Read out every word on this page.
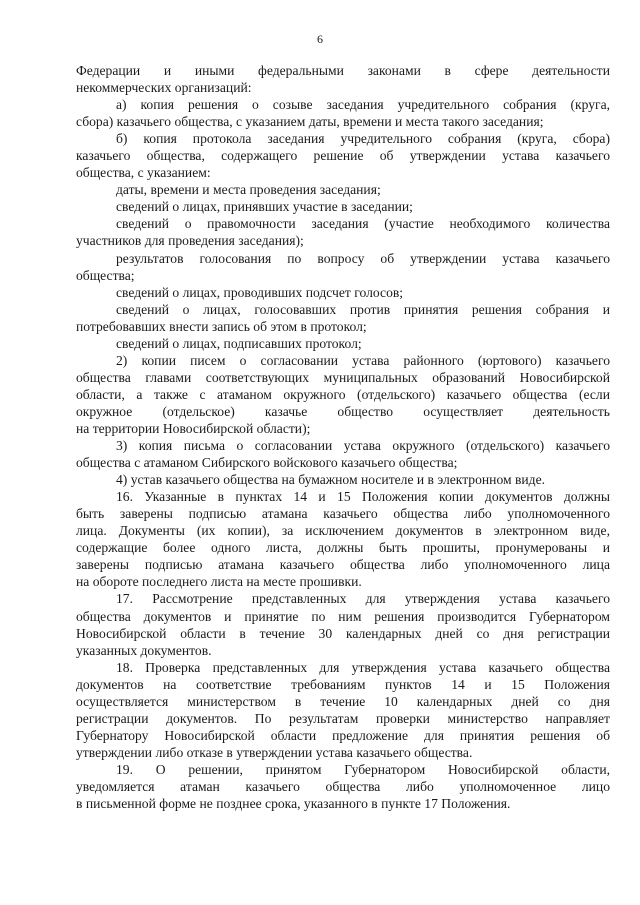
6
Федерации и иными федеральными законами в сфере деятельности
некоммерческих организаций:
а) копия решения о созыве заседания учредительного собрания (круга,
сбора) казачьего общества, с указанием даты, времени и места такого заседания;
б) копия протокола заседания учредительного собрания (круга, сбора)
казачьего общества, содержащего решение об утверждении устава казачьего
общества, с указанием:
даты, времени и места проведения заседания;
сведений о лицах, принявших участие в заседании;
сведений о правомочности заседания (участие необходимого количества
участников для проведения заседания);
результатов голосования по вопросу об утверждении устава казачьего
общества;
сведений о лицах, проводивших подсчет голосов;
сведений о лицах, голосовавших против принятия решения собрания и
потребовавших внести запись об этом в протокол;
сведений о лицах, подписавших протокол;
2) копии писем о согласовании устава районного (юртового) казачьего
общества главами соответствующих муниципальных образований Новосибирской
области, а также с атаманом окружного (отдельского) казачьего общества (если
окружное (отдельское) казачье общество осуществляет деятельность
на территории Новосибирской области);
3) копия письма о согласовании устава окружного (отдельского) казачьего
общества с атаманом Сибирского войскового казачьего общества;
4) устав казачьего общества на бумажном носителе и в электронном виде.
16. Указанные в пунктах 14 и 15 Положения копии документов должны
быть заверены подписью атамана казачьего общества либо уполномоченного
лица. Документы (их копии), за исключением документов в электронном виде,
содержащие более одного листа, должны быть прошиты, пронумерованы и
заверены подписью атамана казачьего общества либо уполномоченного лица
на обороте последнего листа на месте прошивки.
17. Рассмотрение представленных для утверждения устава казачьего
общества документов и принятие по ним решения производится Губернатором
Новосибирской области в течение 30 календарных дней со дня регистрации
указанных документов.
18. Проверка представленных для утверждения устава казачьего общества
документов на соответствие требованиям пунктов 14 и 15 Положения
осуществляется министерством в течение 10 календарных дней со дня
регистрации документов. По результатам проверки министерство направляет
Губернатору Новосибирской области предложение для принятия решения об
утверждении либо отказе в утверждении устава казачьего общества.
19. О решении, принятом Губернатором Новосибирской области,
уведомляется атаман казачьего общества либо уполномоченное лицо
в письменной форме не позднее срока, указанного в пункте 17 Положения.
